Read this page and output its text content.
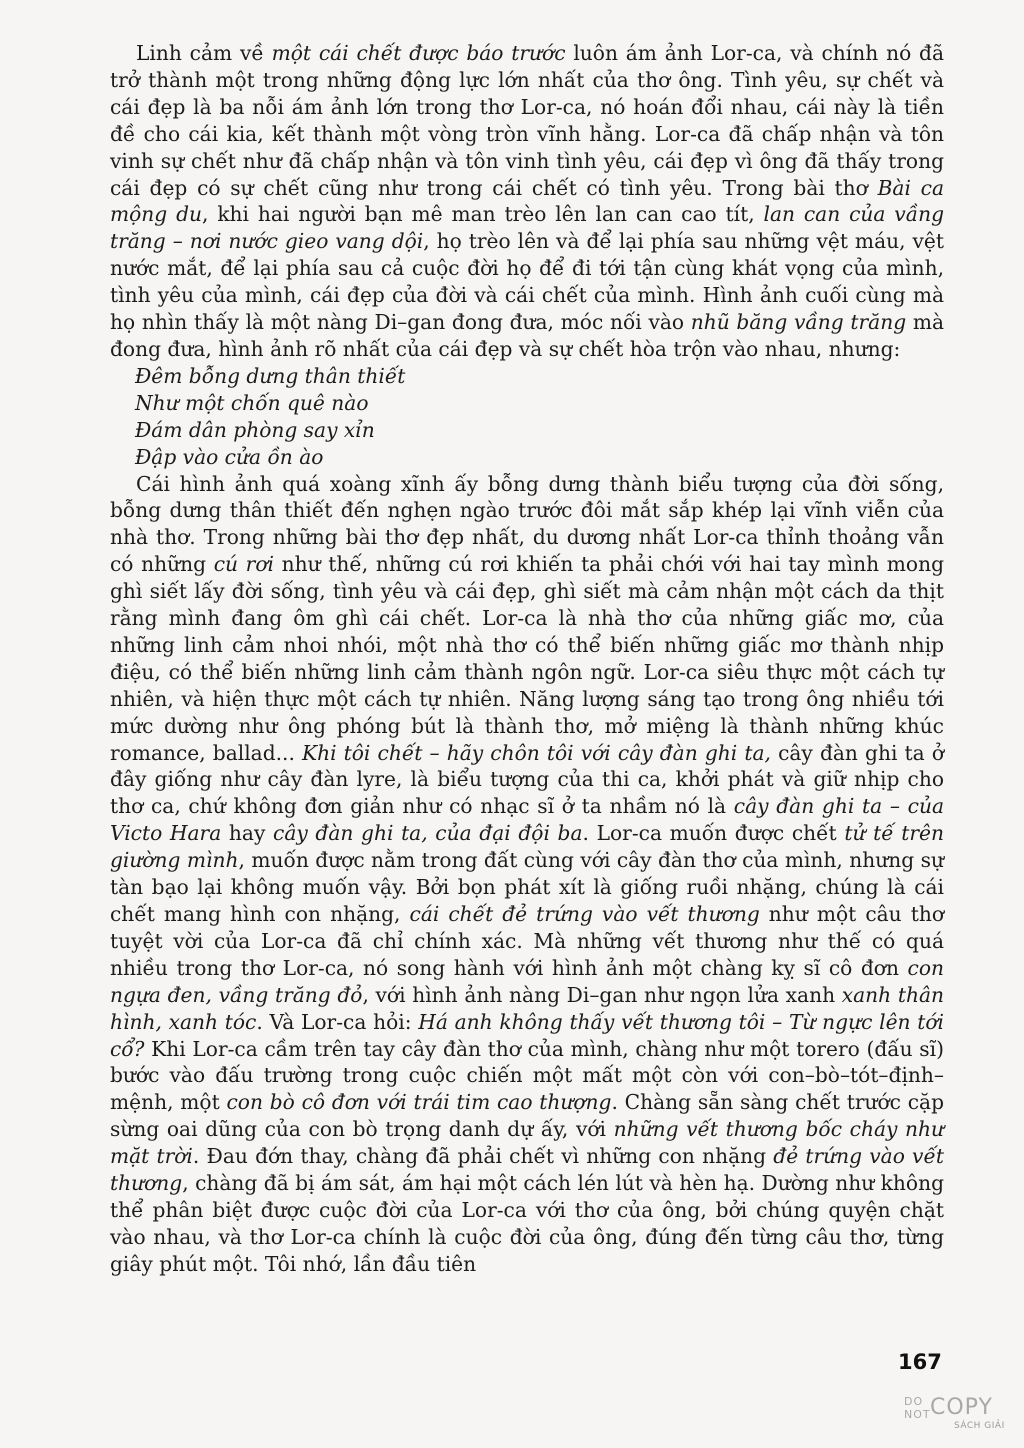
Linh cảm về một cái chết được báo trước luôn ám ảnh Lor-ca, và chính nó đã trở thành một trong những động lực lớn nhất của thơ ông. Tình yêu, sự chết và cái đẹp là ba nỗi ám ảnh lớn trong thơ Lor-ca, nó hoán đổi nhau, cái này là tiền đề cho cái kia, kết thành một vòng tròn vĩnh hằng. Lor-ca đã chấp nhận và tôn vinh sự chết như đã chấp nhận và tôn vinh tình yêu, cái đẹp vì ông đã thấy trong cái đẹp có sự chết cũng như trong cái chết có tình yêu. Trong bài thơ Bài ca mộng du, khi hai người bạn mê man trèo lên lan can cao tít, lan can của vầng trăng – nơi nước gieo vang dội, họ trèo lên và để lại phía sau những vệt máu, vệt nước mắt, để lại phía sau cả cuộc đời họ để đi tới tận cùng khát vọng của mình, tình yêu của mình, cái đẹp của đời và cái chết của mình. Hình ảnh cuối cùng mà họ nhìn thấy là một nàng Di–gan đong đưa, móc nối vào nhũ băng vầng trăng mà đong đưa, hình ảnh rõ nhất của cái đẹp và sự chết hòa trộn vào nhau, nhưng:

Đêm bỗng dưng thân thiết
Như một chốn quê nào
Đám dân phòng say xỉn
Đập vào cửa ồn ào

Cái hình ảnh quá xoàng xĩnh ấy bỗng dưng thành biểu tượng của đời sống, bỗng dưng thân thiết đến nghẹn ngào trước đôi mắt sắp khép lại vĩnh viễn của nhà thơ. Trong những bài thơ đẹp nhất, du dương nhất Lor-ca thỉnh thoảng vẫn có những cú rơi như thế, những cú rơi khiến ta phải chới với hai tay mình mong ghì siết lấy đời sống, tình yêu và cái đẹp, ghì siết mà cảm nhận một cách da thịt rằng mình đang ôm ghì cái chết. Lor-ca là nhà thơ của những giấc mơ, của những linh cảm nhoi nhói, một nhà thơ có thể biến những giấc mơ thành nhịp điệu, có thể biến những linh cảm thành ngôn ngữ. Lor-ca siêu thực một cách tự nhiên, và hiện thực một cách tự nhiên. Năng lượng sáng tạo trong ông nhiều tới mức dường như ông phóng bút là thành thơ, mở miệng là thành những khúc romance, ballad... Khi tôi chết – hãy chôn tôi với cây đàn ghi ta, cây đàn ghi ta ở đây giống như cây đàn lyre, là biểu tượng của thi ca, khởi phát và giữ nhịp cho thơ ca, chứ không đơn giản như có nhạc sĩ ở ta nhầm nó là cây đàn ghi ta – của Victo Hara hay cây đàn ghi ta, của đại đội ba. Lor-ca muốn được chết tử tế trên giường mình, muốn được nằm trong đất cùng với cây đàn thơ của mình, nhưng sự tàn bạo lại không muốn vậy. Bởi bọn phát xít là giống ruồi nhặng, chúng là cái chết mang hình con nhặng, cái chết đẻ trứng vào vết thương như một câu thơ tuyệt vời của Lor-ca đã chỉ chính xác. Mà những vết thương như thế có quá nhiều trong thơ Lor-ca, nó song hành với hình ảnh một chàng kỵ sĩ cô đơn con ngựa đen, vầng trăng đỏ, với hình ảnh nàng Di–gan như ngọn lửa xanh xanh thân hình, xanh tóc. Và Lor-ca hỏi: Há anh không thấy vết thương tôi – Từ ngực lên tới cổ? Khi Lor-ca cầm trên tay cây đàn thơ của mình, chàng như một torero (đấu sĩ) bước vào đấu trường trong cuộc chiến một mất một còn với con–bò–tót–định–mệnh, một con bò cô đơn với trái tim cao thượng. Chàng sẵn sàng chết trước cặp sừng oai dũng của con bò trọng danh dự ấy, với những vết thương bốc cháy như mặt trời. Đau đớn thay, chàng đã phải chết vì những con nhặng đẻ trứng vào vết thương, chàng đã bị ám sát, ám hại một cách lén lút và hèn hạ. Dường như không thể phân biệt được cuộc đời của Lor-ca với thơ của ông, bởi chúng quyện chặt vào nhau, và thơ Lor-ca chính là cuộc đời của ông, đúng đến từng câu thơ, từng giây phút một. Tôi nhớ, lần đầu tiên

167
DO
NOT COPY
SÁCH GIẢI
